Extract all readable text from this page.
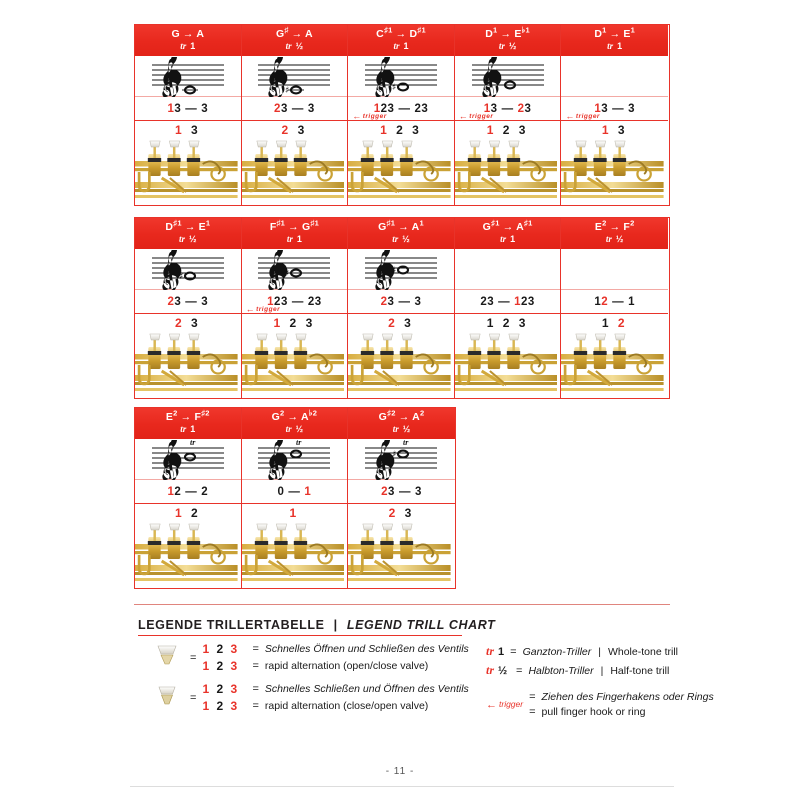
G → A
tr 1
1 3 — 3
1 3
G♯ → A
tr ½
♯
2 3 — 3
2 3
$C^{♯1} \to D^{♯1}$
tr 1
♯
1 2 3 — 23
←trigger
1 2 3
$D^1 \to E^{♭1}$
tr ½
1 3 — 2 3
←trigger
1 2 3
$D^1 \to E^1$
tr 1
1 3 — 3
←trigger
1 3
$D^{♯1} \to E^1$
tr ½
♯
2 3 — 3
2 3
$F^{♯1} \to G^{♯1}$
tr 1
♯
1 2 3 — 23
←trigger
1 2 3
$G^{♯1} \to A^1$
tr ½
♯
2 3 — 3
2 3
$G^{♯1} \to A^{♯1}$
tr 1
23 — 1 2 3
1 2 3
$E^2 \to F^2$
tr ½
1 2 — 1
1 2
$E^2 \to F^{♯2}$
tr 1
tr
1 2 — 2
1 2
$G^2 \to A^{♭2}$
tr ½
tr
0 — 1
1
$G^{♯2} \to A^2$
tr ½
♯
tr
2 3 — 3
2 3
LEGENDE TRILLERTABELLE | LEGEND TRILL CHART
=
1 2 3	= Schnelles Öffnen und Schließen des Ventils
1 2 3	= rapid alternation (open/close valve)
=
1 2 3	= Schnelles Schließen und Öffnen des Ventils
1 2 3	= rapid alternation (close/open valve)
tr 1 = Ganzton-Triller | Whole-tone trill
tr ½ = Halbton-Triller | Half-tone trill
← trigger
= Ziehen des Fingerhakens oder Rings
= pull finger hook or ring
- 11 -
